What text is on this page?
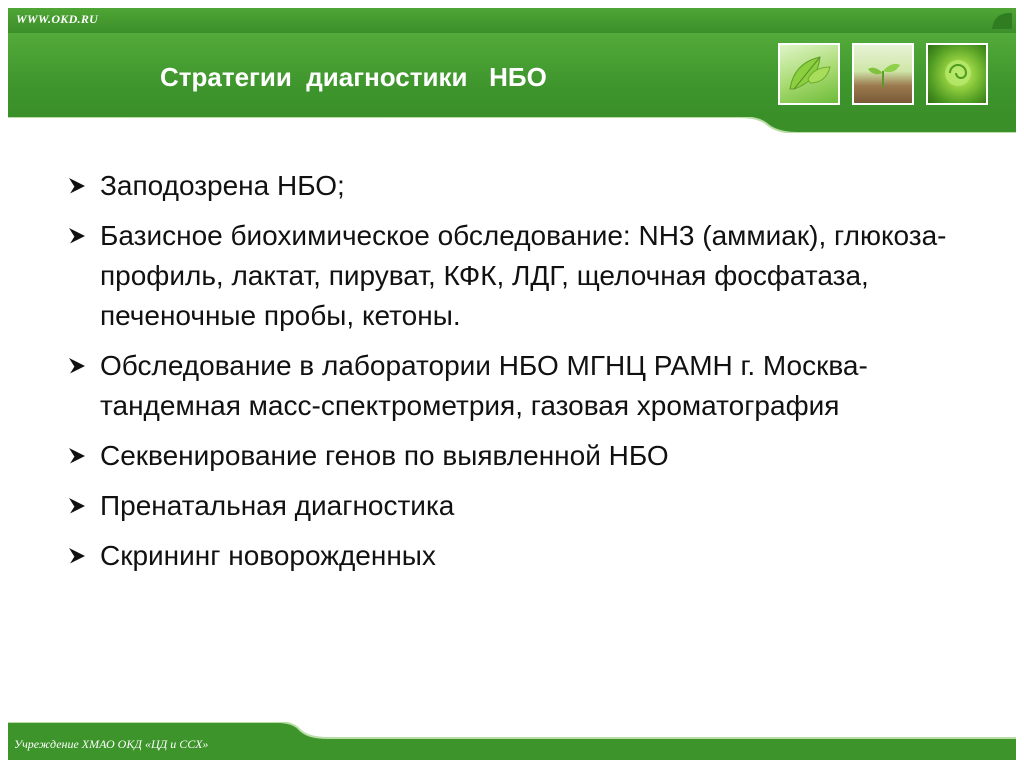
WWW.OKD.RU
Стратегии  диагностики   НБО
Заподозрена НБО;
Базисное биохимическое обследование: NH3 (аммиак), глюкоза- профиль, лактат, пируват, КФК, ЛДГ, щелочная фосфатаза, печеночные пробы, кетоны.
Обследование в лаборатории НБО МГНЦ РАМН г. Москва- тандемная масс-спектрометрия, газовая хроматография
Секвенирование генов по выявленной НБО
Пренатальная диагностика
Скрининг новорожденных
Учреждение ХМАО ОКД «ЦД и ССХ»
